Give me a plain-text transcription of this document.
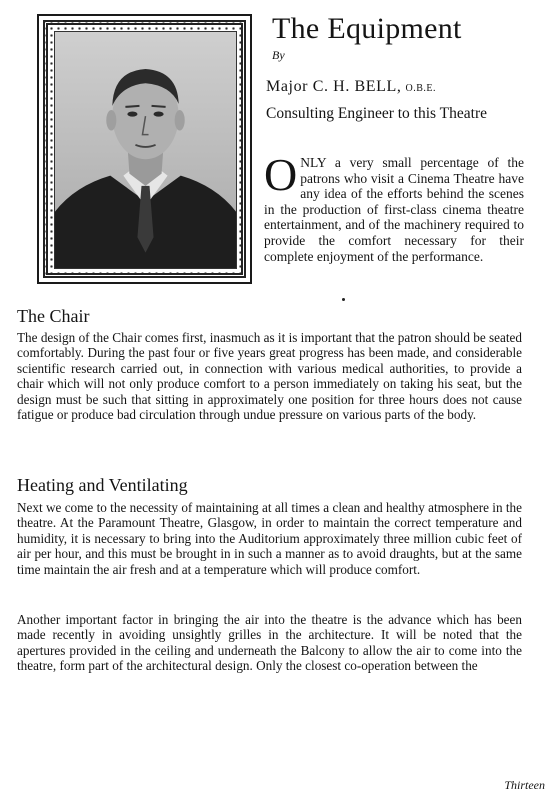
The Equipment
By
Major C. H. BELL, O.B.E.
Consulting Engineer to this Theatre

ONLY a very small percentage of the patrons who visit a Cinema Theatre have any idea of the efforts behind the scenes in the production of first-class cinema theatre entertainment, and of the machinery required to provide the comfort necessary for their complete enjoyment of the performance.

The Chair

The design of the Chair comes first, inasmuch as it is important that the patron should be seated comfortably. During the past four or five years great progress has been made, and considerable scientific research carried out, in connection with various medical authorities, to provide a chair which will not only produce comfort to a person immediately on taking his seat, but the design must be such that sitting in approximately one position for three hours does not cause fatigue or produce bad circulation through undue pressure on various parts of the body.

Heating and Ventilating

Next we come to the necessity of maintaining at all times a clean and healthy atmosphere in the theatre. At the Paramount Theatre, Glasgow, in order to maintain the correct temperature and humidity, it is necessary to bring into the Auditorium approximately three million cubic feet of air per hour, and this must be brought in in such a manner as to avoid draughts, but at the same time maintain the air fresh and at a temperature which will produce comfort.

Another important factor in bringing the air into the theatre is the advance which has been made recently in avoiding unsightly grilles in the architecture. It will be noted that the apertures provided in the ceiling and underneath the Balcony to allow the air to come into the theatre, form part of the architectural design. Only the closest co-operation between the

Thirteen
